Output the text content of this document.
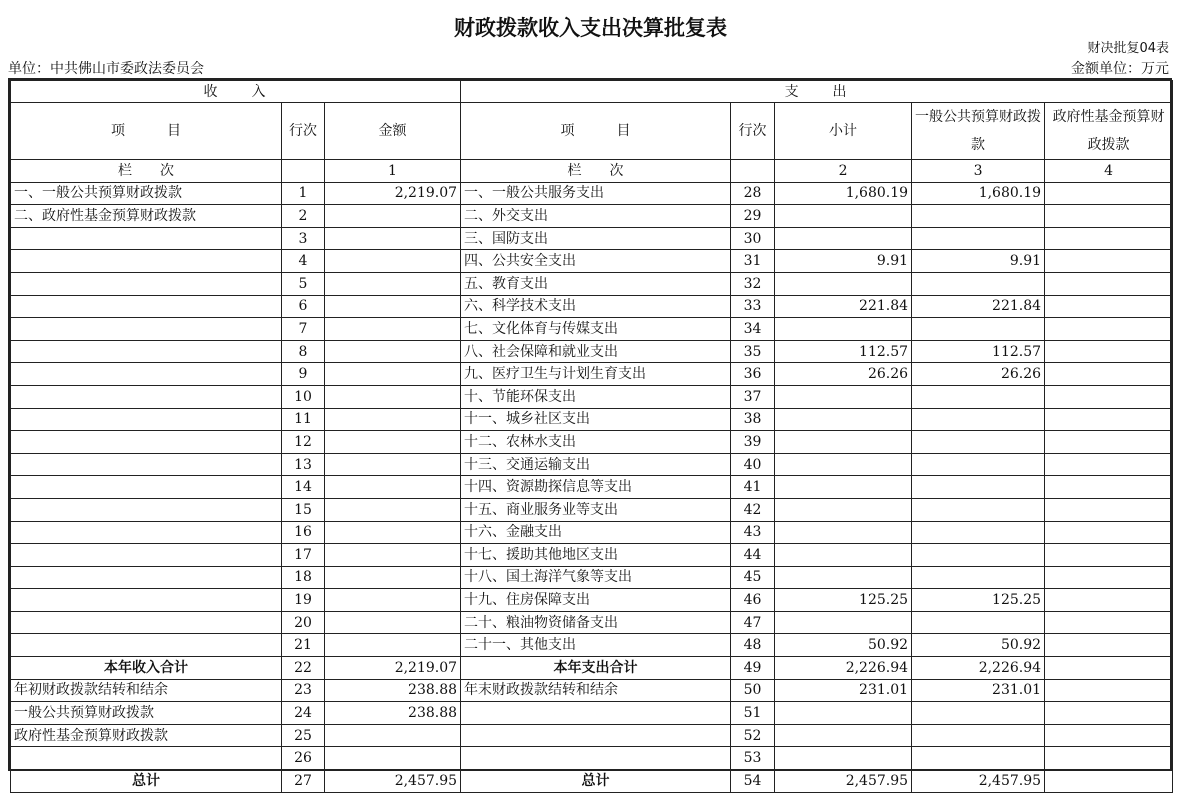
财政拨款收入支出决算批复表
财决批复04表
单位：中共佛山市委政法委员会	金额单位：万元
收　　入			支　　出				
项　　　目	行次	金额	项　　　目	行次	小计	一般公共预算财政拨款	政府性基金预算财政拨款
栏　　次		1	栏　　次		2	3	4
一、一般公共预算财政拨款	1	2,219.07	一、一般公共服务支出	28	1,680.19	1,680.19	
二、政府性基金预算财政拨款	2		二、外交支出	29			
	3		三、国防支出	30			
	4		四、公共安全支出	31	9.91	9.91	
	5		五、教育支出	32			
	6		六、科学技术支出	33	221.84	221.84	
	7		七、文化体育与传媒支出	34			
	8		八、社会保障和就业支出	35	112.57	112.57	
	9		九、医疗卫生与计划生育支出	36	26.26	26.26	
	10		十、节能环保支出	37			
	11		十一、城乡社区支出	38			
	12		十二、农林水支出	39			
	13		十三、交通运输支出	40			
	14		十四、资源勘探信息等支出	41			
	15		十五、商业服务业等支出	42			
	16		十六、金融支出	43			
	17		十七、援助其他地区支出	44			
	18		十八、国土海洋气象等支出	45			
	19		十九、住房保障支出	46	125.25	125.25	
	20		二十、粮油物资储备支出	47			
	21		二十一、其他支出	48	50.92	50.92	
本年收入合计	22	2,219.07	本年支出合计	49	2,226.94	2,226.94	
年初财政拨款结转和结余	23	238.88	年末财政拨款结转和结余	50	231.01	231.01	
一般公共预算财政拨款	24	238.88		51			
政府性基金预算财政拨款	25			52			
	26			53			
总计	27	2,457.95	总计	54	2,457.95	2,457.95	
